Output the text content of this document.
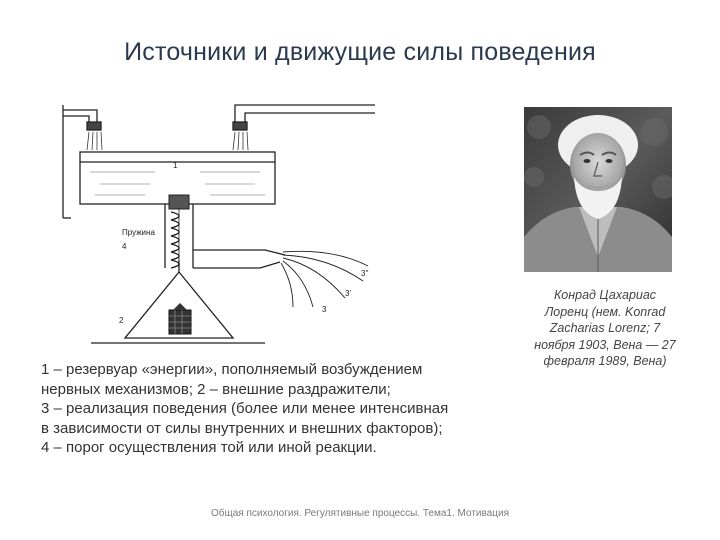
Источники и движущие силы поведения
1
Пружина
4
2
3
3'
3''
1 – резервуар «энергии», пополняемый возбуждением
нервных механизмов; 2 – внешние раздражители;
3 – реализация поведения (более или менее интенсивная
в зависимости от силы внутренних и внешних факторов);
4 – порог осуществления той или иной реакции.
Конрад Цахариас
Лоренц (нем. Konrad
Zacharias Lorenz; 7
ноября 1903, Вена — 27
февраля 1989, Вена)
Общая психология. Регулятивные процессы. Тема1. Мотивация
